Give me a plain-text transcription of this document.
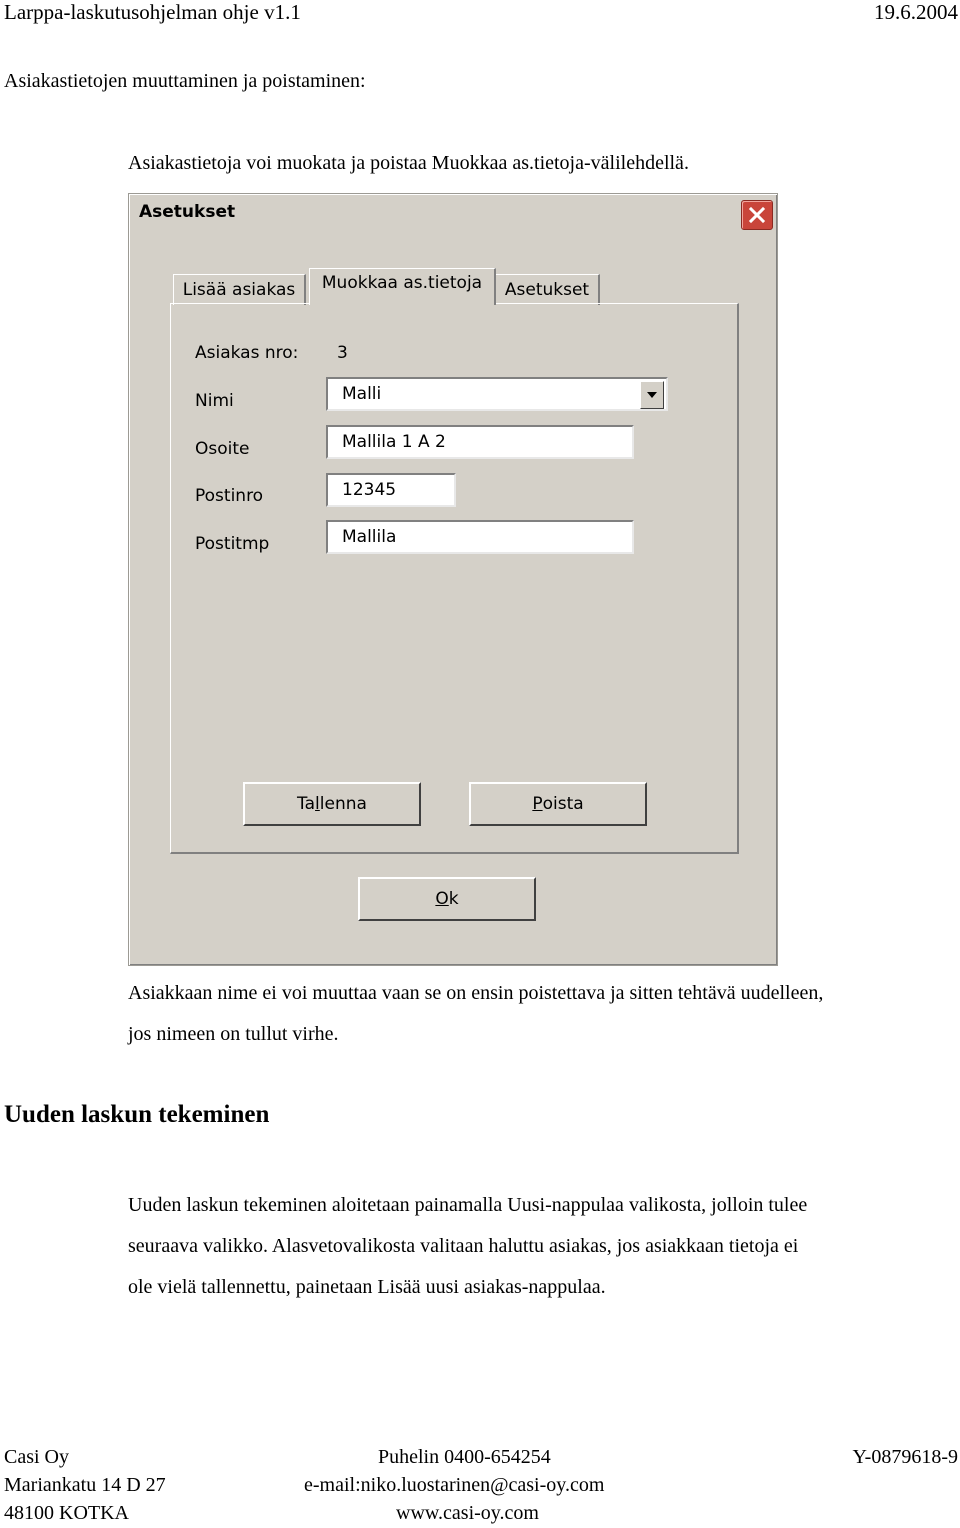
Larppa-laskutusohjelman ohje v1.1	19.6.2004
Asiakastietojen muuttaminen ja poistaminen:
Asiakastietoja voi muokata ja poistaa Muokkaa as.tietoja-välilehdellä.
Asetukset
Lisää asiakas Muokkaa as.tietoja Asetukset
Asiakas nro: 3
Nimi	Malli
Osoite	Mallila 1 A 2
Postinro	12345
Postitmp	Mallila
Ta l lenna	P oista
O k
Asiakkaan nime ei voi muuttaa vaan se on ensin poistettava ja sitten tehtävä uudelleen,
jos nimeen on tullut virhe.
Uuden laskun tekeminen
Uuden laskun tekeminen aloitetaan painamalla Uusi-nappulaa valikosta, jolloin tulee
seuraava valikko. Alasvetovalikosta valitaan haluttu asiakas, jos asiakkaan tietoja ei
ole vielä tallennettu, painetaan Lisää uusi asiakas-nappulaa.
Casi Oy
Mariankatu 14 D 27
48100 KOTKA
Puhelin 0400-654254
e-mail:niko.luostarinen@casi-oy.com
www.casi-oy.com
Y-0879618-9
